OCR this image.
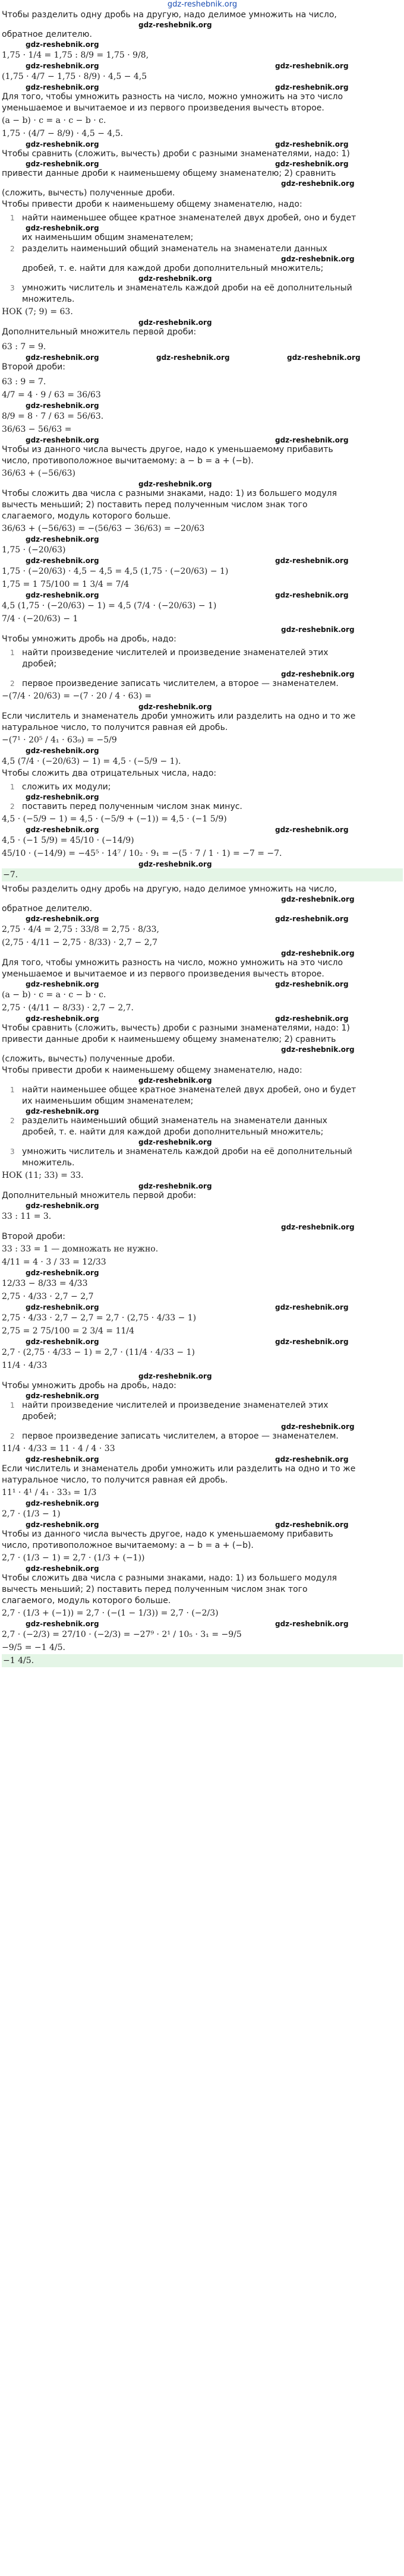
gdz-reshebnik.org

Чтобы разделить одну дробь на другую, надо делимое умножить на число,

gdz-reshebnik.org

обратное делителю.

gdz-reshebnik.org
1,75 · 1/4 = 1,75 : 8/9 = 1,75 · 9/8,
gdz-reshebnik.org	gdz-reshebnik.org
(1,75 · 4/7 − 1,75 · 8/9) · 4,5 − 4,5
gdz-reshebnik.org	gdz-reshebnik.org

Для того, чтобы умножить разность на число, можно умножить на это число

уменьшаемое и вычитаемое и из первого произведения вычесть второе.

(a − b) · c = a · c − b · c.
1,75 · (4/7 − 8/9) · 4,5 − 4,5.
gdz-reshebnik.org	gdz-reshebnik.org

Чтобы сравнить (сложить, вычесть) дроби с разными знаменателями, надо: 1)

gdz-reshebnik.org	gdz-reshebnik.org

привести данные дроби к наименьшему общему знаменателю; 2) сравнить

gdz-reshebnik.org

(сложить, вычесть) полученные дроби.

Чтобы привести дроби к наименьшему общему знаменателю, надо:

1 найти наименьшее общее кратное знаменателей двух дробей, оно и будет
gdz-reshebnik.org
их наименьшим общим знаменателем;
2 разделить наименьший общий знаменатель на знаменатели данных
gdz-reshebnik.org
дробей, т. е. найти для каждой дроби дополнительный множитель;
gdz-reshebnik.org
3 умножить числитель и знаменатель каждой дроби на её дополнительный
множитель.
НОК (7; 9) = 63.
gdz-reshebnik.org

Дополнительный множитель первой дроби:

63 : 7 = 9.
gdz-reshebnik.org	gdz-reshebnik.org	gdz-reshebnik.org

Второй дроби:

63 : 9 = 7.
4/7 = 4 · 9 / 63 = 36/63
gdz-reshebnik.org
8/9 = 8 · 7 / 63 = 56/63.
36/63 − 56/63 =
gdz-reshebnik.org	gdz-reshebnik.org

Чтобы из данного числа вычесть другое, надо к уменьшаемому прибавить

число, противоположное вычитаемому: a − b = a + (−b).

36/63 + (−56/63)
gdz-reshebnik.org

Чтобы сложить два числа с разными знаками, надо: 1) из большего модуля

вычесть меньший; 2) поставить перед полученным числом знак того

слагаемого, модуль которого больше.

36/63 + (−56/63) = −(56/63 − 36/63) = −20/63
gdz-reshebnik.org
1,75 · (−20/63)
gdz-reshebnik.org	gdz-reshebnik.org
1,75 · (−20/63) · 4,5 − 4,5 = 4,5 (1,75 · (−20/63) − 1)
1,75 = 1 75/100 = 1 3/4 = 7/4
gdz-reshebnik.org	gdz-reshebnik.org
4,5 (1,75 · (−20/63) − 1) = 4,5 (7/4 · (−20/63) − 1)
7/4 · (−20/63) − 1
gdz-reshebnik.org

Чтобы умножить дробь на дробь, надо:

1 найти произведение числителей и произведение знаменателей этих
дробей;
gdz-reshebnik.org
2 первое произведение записать числителем, а второе — знаменателем.
−(7/4 · 20/63) = −(7 · 20 / 4 · 63) =
gdz-reshebnik.org

Если числитель и знаменатель дроби умножить или разделить на одно и то же

натуральное число, то получится равная ей дробь.

−(7¹ · 20⁵ / 4₁ · 63₉) = −5/9
gdz-reshebnik.org
4,5 (7/4 · (−20/63) − 1) = 4,5 · (−5/9 − 1).

Чтобы сложить два отрицательных числа, надо:

1 сложить их модули;
gdz-reshebnik.org
2 поставить перед полученным числом знак минус.
4,5 · (−5/9 − 1) = 4,5 · (−5/9 + (−1)) = 4,5 · (−1 5/9)
gdz-reshebnik.org	gdz-reshebnik.org
4,5 · (−1 5/9) = 45/10 · (−14/9)
45/10 · (−14/9) = −45⁵ · 14⁷ / 10₂ · 9₁ = −(5 · 7 / 1 · 1) = −7 = −7.
gdz-reshebnik.org
−7.

Чтобы разделить одну дробь на другую, надо делимое умножить на число,

gdz-reshebnik.org

обратное делителю.

gdz-reshebnik.org	gdz-reshebnik.org
2,75 · 4/4 = 2,75 : 33/8 = 2,75 · 8/33,
(2,75 · 4/11 − 2,75 · 8/33) · 2,7 − 2,7
gdz-reshebnik.org

Для того, чтобы умножить разность на число, можно умножить на это число

уменьшаемое и вычитаемое и из первого произведения вычесть второе.

gdz-reshebnik.org	gdz-reshebnik.org
(a − b) · c = a · c − b · c.
2,75 · (4/11 − 8/33) · 2,7 − 2,7.
gdz-reshebnik.org	gdz-reshebnik.org

Чтобы сравнить (сложить, вычесть) дроби с разными знаменателями, надо: 1)

привести данные дроби к наименьшему общему знаменателю; 2) сравнить

gdz-reshebnik.org

(сложить, вычесть) полученные дроби.

Чтобы привести дроби к наименьшему общему знаменателю, надо:

gdz-reshebnik.org
1 найти наименьшее общее кратное знаменателей двух дробей, оно и будет
их наименьшим общим знаменателем;
gdz-reshebnik.org
2 разделить наименьший общий знаменатель на знаменатели данных
дробей, т. е. найти для каждой дроби дополнительный множитель;
gdz-reshebnik.org
3 умножить числитель и знаменатель каждой дроби на её дополнительный
множитель.
НОК (11; 33) = 33.
gdz-reshebnik.org

Дополнительный множитель первой дроби:

gdz-reshebnik.org
33 : 11 = 3.
gdz-reshebnik.org

Второй дроби:

33 : 33 = 1 — домножать не нужно.
4/11 = 4 · 3 / 33 = 12/33
gdz-reshebnik.org
12/33 − 8/33 = 4/33
2,75 · 4/33 · 2,7 − 2,7
gdz-reshebnik.org	gdz-reshebnik.org
2,75 · 4/33 · 2,7 − 2,7 = 2,7 · (2,75 · 4/33 − 1)
2,75 = 2 75/100 = 2 3/4 = 11/4
gdz-reshebnik.org	gdz-reshebnik.org
2,7 · (2,75 · 4/33 − 1) = 2,7 · (11/4 · 4/33 − 1)
11/4 · 4/33
gdz-reshebnik.org

Чтобы умножить дробь на дробь, надо:

gdz-reshebnik.org
1 найти произведение числителей и произведение знаменателей этих
дробей;
gdz-reshebnik.org
2 первое произведение записать числителем, а второе — знаменателем.
11/4 · 4/33 = 11 · 4 / 4 · 33
gdz-reshebnik.org	gdz-reshebnik.org

Если числитель и знаменатель дроби умножить или разделить на одно и то же

натуральное число, то получится равная ей дробь.

11¹ · 4¹ / 4₁ · 33₃ = 1/3
gdz-reshebnik.org
2,7 · (1/3 − 1)
gdz-reshebnik.org	gdz-reshebnik.org

Чтобы из данного числа вычесть другое, надо к уменьшаемому прибавить

число, противоположное вычитаемому: a − b = a + (−b).

2,7 · (1/3 − 1) = 2,7 · (1/3 + (−1))
gdz-reshebnik.org

Чтобы сложить два числа с разными знаками, надо: 1) из большего модуля

вычесть меньший; 2) поставить перед полученным числом знак того

слагаемого, модуль которого больше.

2,7 · (1/3 + (−1)) = 2,7 · (−(1 − 1/3)) = 2,7 · (−2/3)
gdz-reshebnik.org	gdz-reshebnik.org
2,7 · (−2/3) = 27/10 · (−2/3) = −27⁹ · 2¹ / 10₅ · 3₁ = −9/5
−9/5 = −1 4/5.
−1 4/5.
